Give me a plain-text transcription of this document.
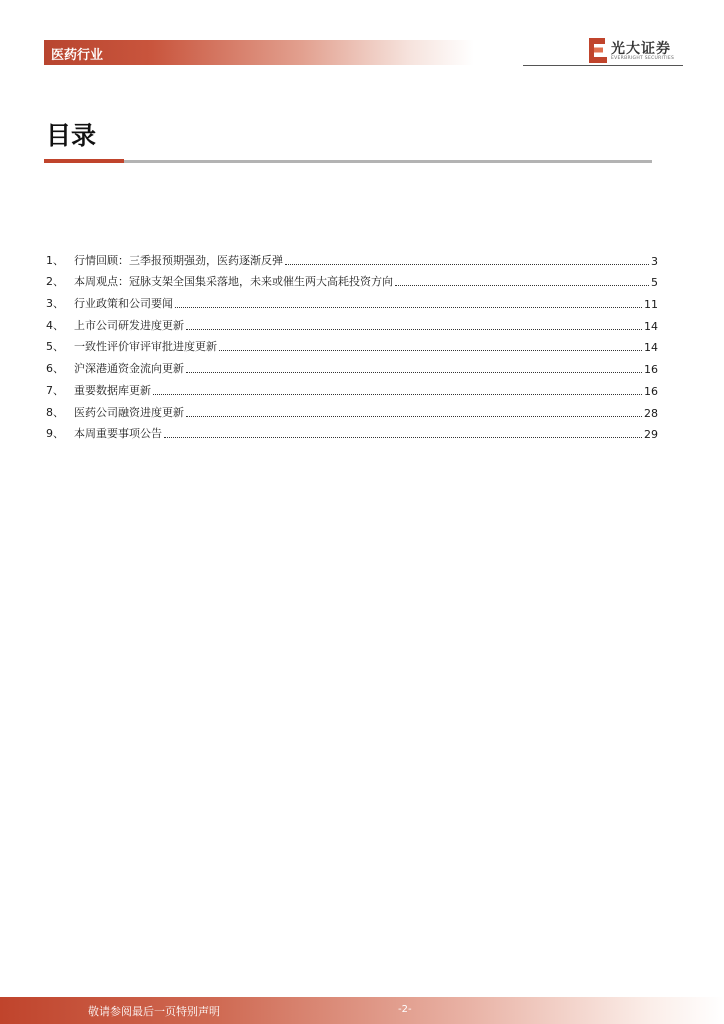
医药行业	光大证券
EVERBRIGHT SECURITIES
目录
1、 行情回顾：三季报预期强劲，医药逐渐反弹	3
2、 本周观点：冠脉支架全国集采落地，未来或催生两大高耗投资方向	5
3、 行业政策和公司要闻	11
4、 上市公司研发进度更新	14
5、 一致性评价审评审批进度更新	14
6、 沪深港通资金流向更新	16
7、 重要数据库更新	16
8、 医药公司融资进度更新	28
9、 本周重要事项公告	29
敬请参阅最后一页特别声明	-2-
